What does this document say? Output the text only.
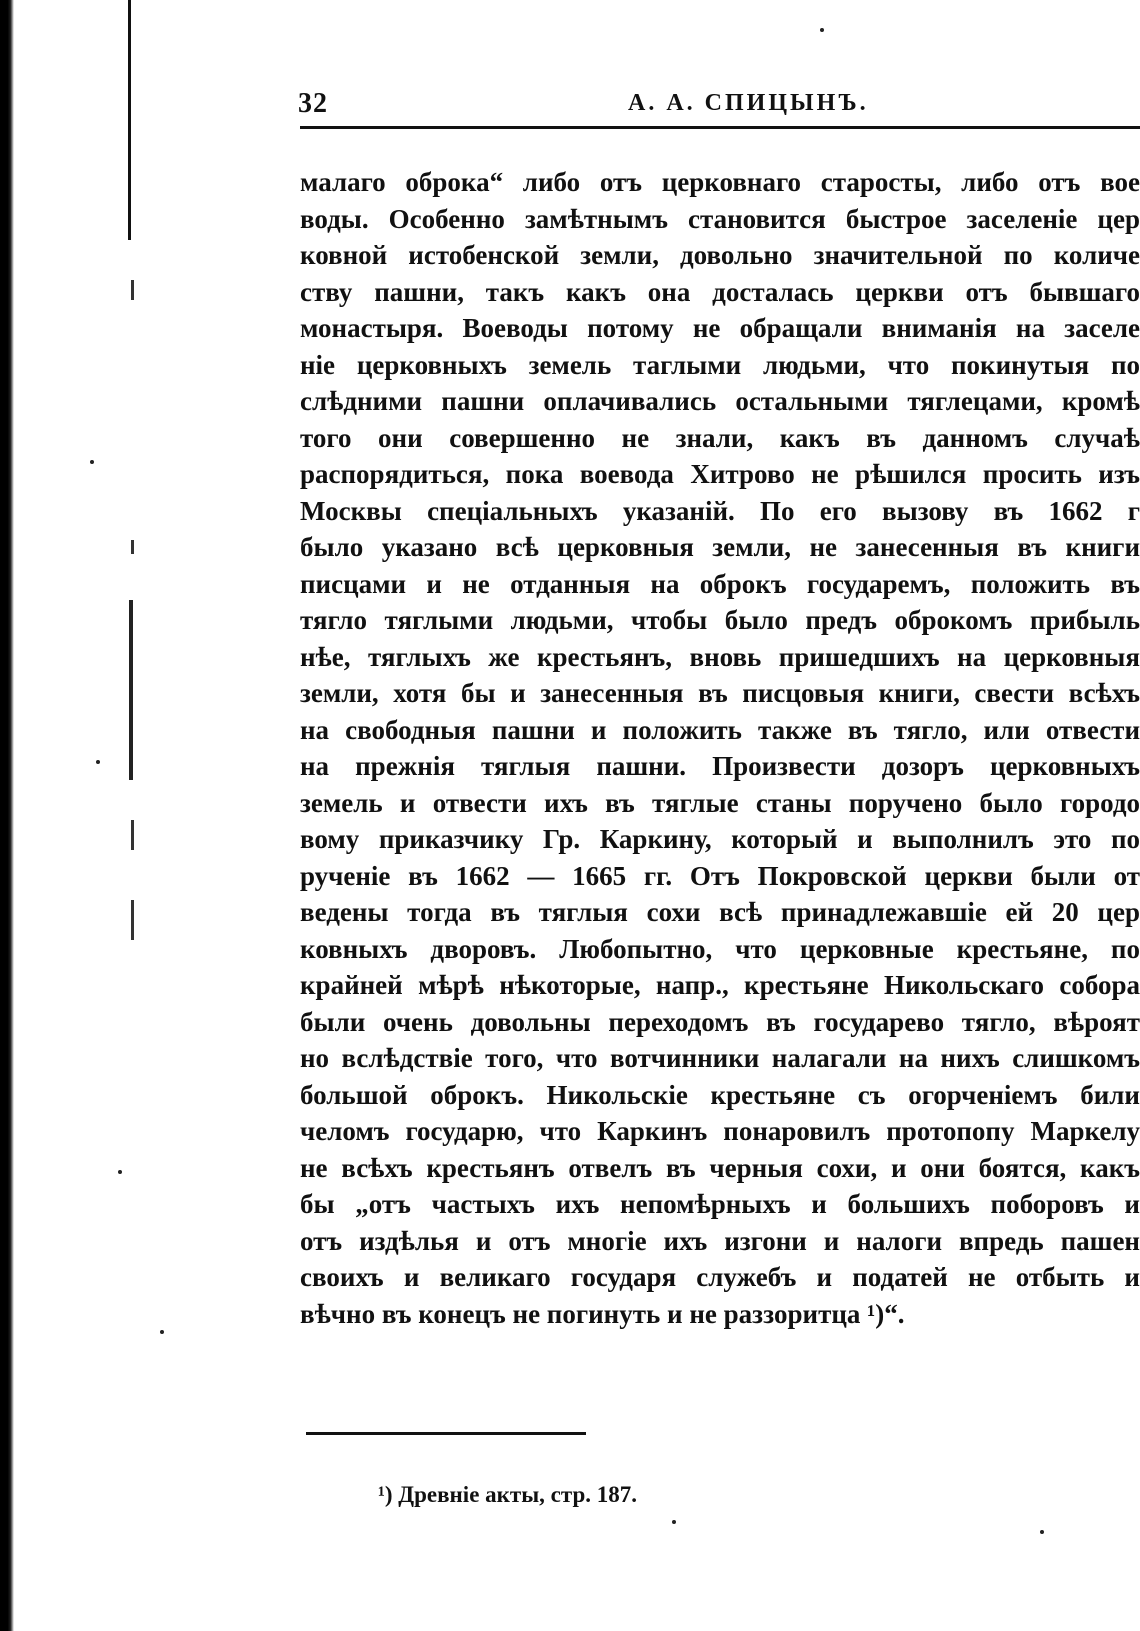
32	А. А. СПИЦЫНЪ.
малаго оброка“ либо отъ церковнаго старосты, либо отъ вое
воды. Особенно замѣтнымъ становится быстрое заселеніе цер
ковной истобенской земли, довольно значительной по количе
ству пашни, такъ какъ она досталась церкви отъ бывшаго
монастыря. Воеводы потому не обращали вниманія на заселе
ніе церковныхъ земель таглыми людьми, что покинутыя по
слѣдними пашни оплачивались остальными тяглецами, кромѣ
того они совершенно не знали, какъ въ данномъ случаѣ
распорядиться, пока воевода Хитрово не рѣшился просить изъ
Москвы спеціальныхъ указаній. По его вызову въ 1662 г
было указано всѣ церковныя земли, не занесенныя въ книги
писцами и не отданныя на оброкъ государемъ, положить въ
тягло тяглыми людьми, чтобы было предъ оброкомъ прибыль
нѣе, тяглыхъ же крестьянъ, вновь пришедшихъ на церковныя
земли, хотя бы и занесенныя въ писцовыя книги, свести всѣхъ
на свободныя пашни и положить также въ тягло, или отвести
на прежнія тяглыя пашни. Произвести дозоръ церковныхъ
земель и отвести ихъ въ тяглые станы поручено было городо
вому приказчику Гр. Каркину, который и выполнилъ это по
рученіе въ 1662 — 1665 гг. Отъ Покровской церкви были от
ведены тогда въ тяглыя сохи всѣ принадлежавшіе ей 20 цер
ковныхъ дворовъ. Любопытно, что церковные крестьяне, по
крайней мѣрѣ нѣкоторые, напр., крестьяне Никольскаго собора
были очень довольны переходомъ въ государево тягло, вѣроят
но вслѣдствіе того, что вотчинники налагали на нихъ слишкомъ
большой оброкъ. Никольскіе крестьяне съ огорченіемъ били
челомъ государю, что Каркинъ понаровилъ протопопу Маркелу
не всѣхъ крестьянъ отвелъ въ черныя сохи, и они боятся, какъ
бы „отъ частыхъ ихъ непомѣрныхъ и большихъ поборовъ и
отъ издѣлья и отъ многіе ихъ изгони и налоги впредь пашен
своихъ и великаго государя служебъ и податей не отбыть и
вѣчно въ конецъ не погинуть и не раззоритца ¹)“.
¹) Древніе акты, стр. 187.
